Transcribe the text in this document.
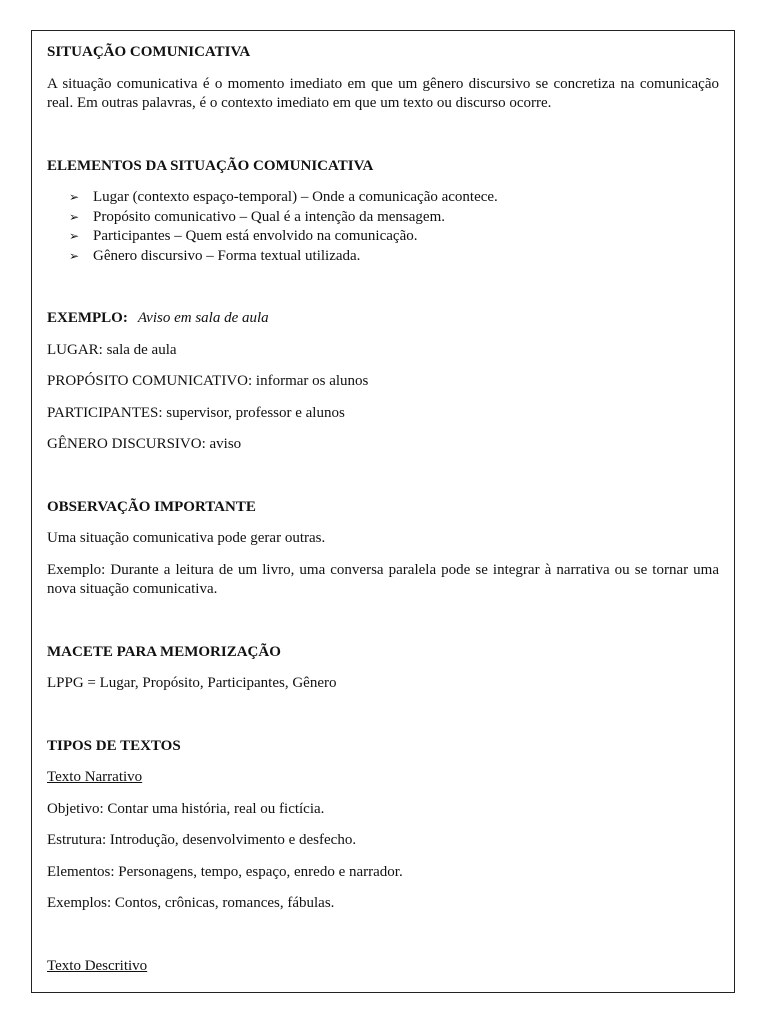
SITUAÇÃO COMUNICATIVA

A situação comunicativa é o momento imediato em que um gênero discursivo se concretiza na comunicação real. Em outras palavras, é o contexto imediato em que um texto ou discurso ocorre.

ELEMENTOS DA SITUAÇÃO COMUNICATIVA
➢ Lugar (contexto espaço-temporal) – Onde a comunicação acontece.
➢ Propósito comunicativo – Qual é a intenção da mensagem.
➢ Participantes – Quem está envolvido na comunicação.
➢ Gênero discursivo – Forma textual utilizada.

EXEMPLO: Aviso em sala de aula

LUGAR: sala de aula

PROPÓSITO COMUNICATIVO: informar os alunos

PARTICIPANTES: supervisor, professor e alunos

GÊNERO DISCURSIVO: aviso

OBSERVAÇÃO IMPORTANTE

Uma situação comunicativa pode gerar outras.

Exemplo: Durante a leitura de um livro, uma conversa paralela pode se integrar à narrativa ou se tornar uma nova situação comunicativa.

MACETE PARA MEMORIZAÇÃO

LPPG = Lugar, Propósito, Participantes, Gênero

TIPOS DE TEXTOS

Texto Narrativo

Objetivo: Contar uma história, real ou fictícia.

Estrutura: Introdução, desenvolvimento e desfecho.

Elementos: Personagens, tempo, espaço, enredo e narrador.

Exemplos: Contos, crônicas, romances, fábulas.

Texto Descritivo
